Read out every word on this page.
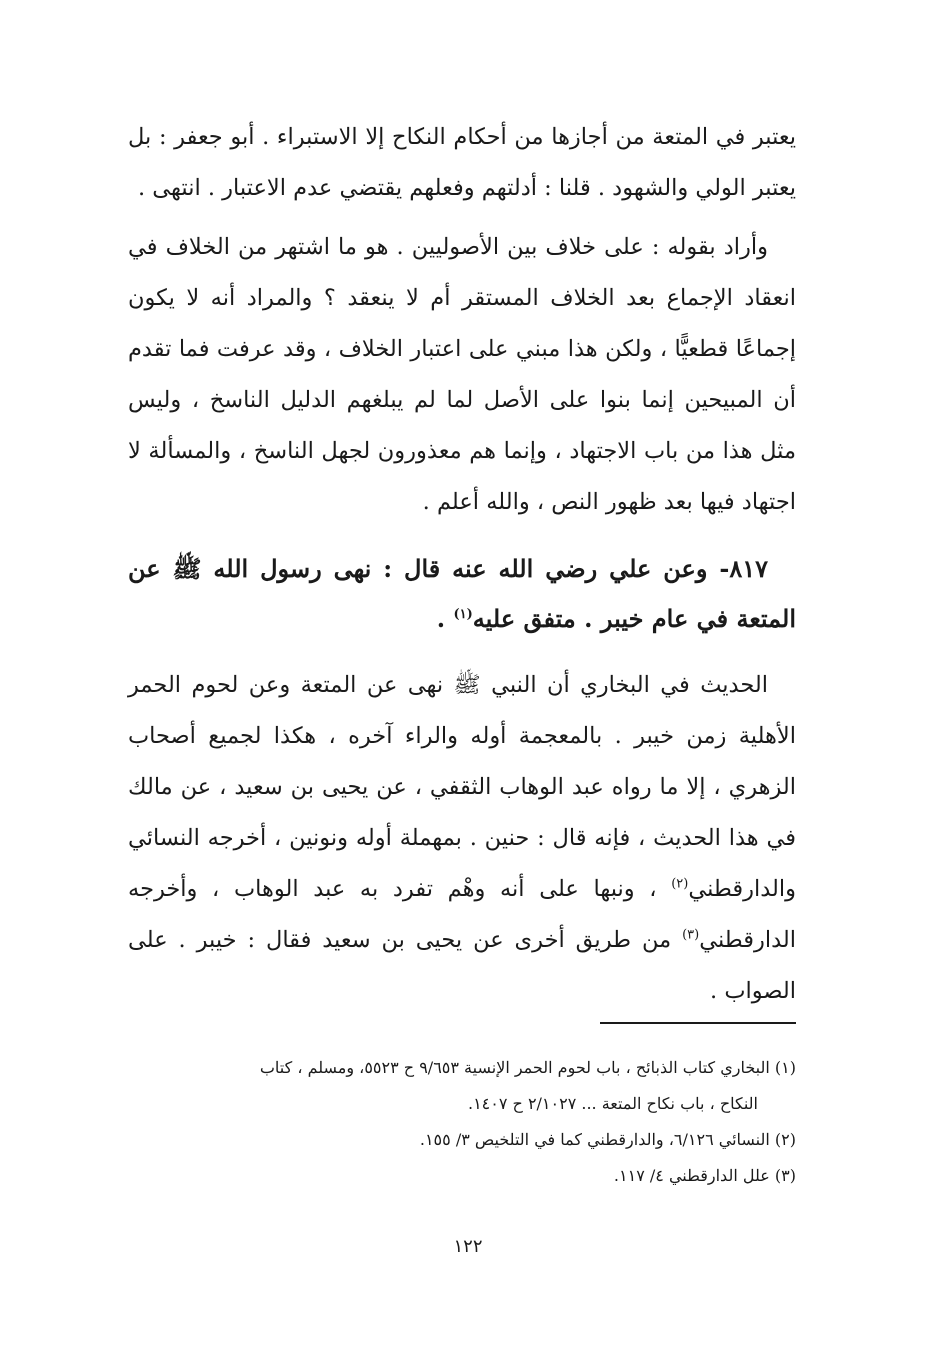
يعتبر في المتعة من أجازها من أحكام النكاح إلا الاستبراء . أبو جعفر : بل يعتبر الولي والشهود . قلنا : أدلتهم وفعلهم يقتضي عدم الاعتبار . انتهى .

وأراد بقوله : على خلاف بين الأصوليين . هو ما اشتهر من الخلاف في انعقاد الإجماع بعد الخلاف المستقر أم لا ينعقد ؟ والمراد أنه لا يكون إجماعًا قطعيًّا ، ولكن هذا مبني على اعتبار الخلاف ، وقد عرفت فما تقدم أن المبيحين إنما بنوا على الأصل لما لم يبلغهم الدليل الناسخ ، وليس مثل هذا من باب الاجتهاد ، وإنما هم معذورون لجهل الناسخ ، والمسألة لا اجتهاد فيها بعد ظهور النص ، والله أعلم .

٨١٧- وعن علي رضي الله عنه قال : نهى رسول الله ﷺ عن المتعة في عام خيبر . متفق عليه$^{(١)}$ .

الحديث في البخاري أن النبي ﷺ نهى عن المتعة وعن لحوم الحمر الأهلية زمن خيبر . بالمعجمة أوله والراء آخره ، هكذا لجميع أصحاب الزهري ، إلا ما رواه عبد الوهاب الثقفي ، عن يحيى بن سعيد ، عن مالك في هذا الحديث ، فإنه قال : حنين . بمهملة أوله ونونين ، أخرجه النسائي والدارقطني$^{(٢)}$ ، ونبها على أنه وهْم تفرد به عبد الوهاب ، وأخرجه الدارقطني$^{(٣)}$ من طريق أخرى عن يحيى بن سعيد فقال : خيبر . على الصواب .

(١) البخاري كتاب الذبائح ، باب لحوم الحمر الإنسية ٩/٦٥٣ ح ٥٥٢٣، ومسلم ، كتاب

النكاح ، باب نكاح المتعة ... ٢/١٠٢٧ ح ١٤٠٧.

(٢) النسائي ٦/١٢٦، والدارقطني كما في التلخيص ٣/ ١٥٥.

(٣) علل الدارقطني ٤/ ١١٧.

١٢٢
